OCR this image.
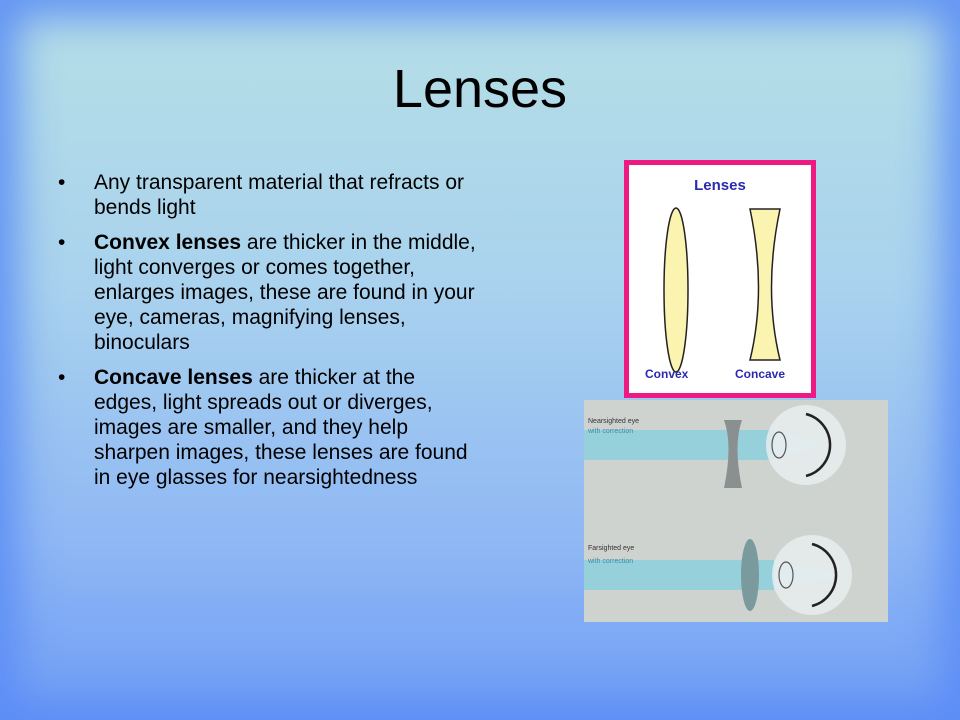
Lenses
• Any transparent material that refracts or bends light
• Convex lenses are thicker in the middle, light converges or comes together, enlarges images, these are found in your eye, cameras, magnifying lenses, binoculars
• Concave lenses are thicker at the edges, light spreads out or diverges, images are smaller, and they help sharpen images, these lenses are found in eye glasses for nearsightedness
Lenses
Convex	Concave
Nearsighted eye
with correction
Farsighted eye
with correction
